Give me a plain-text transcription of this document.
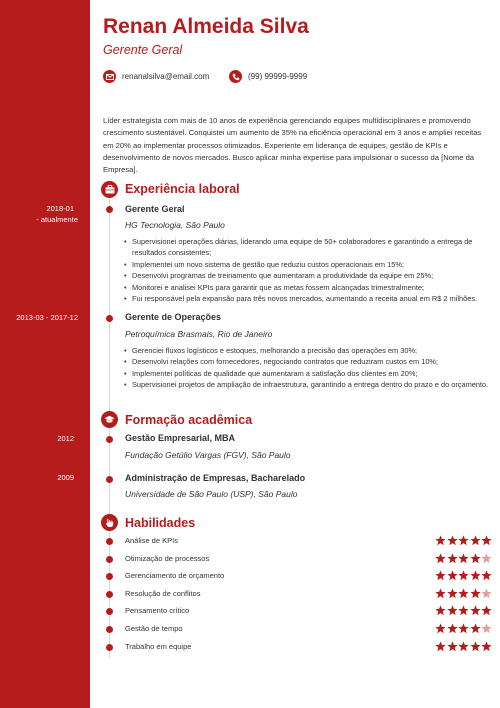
Renan Almeida Silva
Gerente Geral
renanalsilva@email.com	(99) 99999-9999

Líder estrategista com mais de 10 anos de experiência gerenciando equipes multidisciplinares e promovendo crescimento sustentável. Conquistei um aumento de 35% na eficiência operacional em 3 anos e ampliei receitas em 20% ao implementar processos otimizados. Experiente em liderança de equipes, gestão de KPIs e desenvolvimento de novos mercados. Busco aplicar minha expertise para impulsionar o sucesso da [Nome da Empresa].

Experiência laboral
2018-01
- atualmente
Gerente Geral
HG Tecnologia, São Paulo
• Supervisionei operações diárias, liderando uma equipe de 50+ colaboradores e garantindo a entrega de resultados consistentes;
• Implementei um novo sistema de gestão que reduziu custos operacionais em 15%;
• Desenvolvi programas de treinamento que aumentaram a produtividade da equipe em 25%;
• Monitorei e analisei KPIs para garantir que as metas fossem alcançadas trimestralmente;
• Fui responsável pela expansão para três novos mercados, aumentando a receita anual em R$ 2 milhões.
2013-03 - 2017-12	Gerente de Operações
Petroquímica Brasmais, Rio de Janeiro
• Gerenciei fluxos logísticos e estoques, melhorando a precisão das operações em 30%;
• Desenvolvi relações com fornecedores, negociando contratos que reduziram custos em 10%;
• Implementei políticas de qualidade que aumentaram a satisfação dos clientes em 20%;
• Supervisionei projetos de ampliação de infraestrutura, garantindo a entrega dentro do prazo e do orçamento.
Formação acadêmica
2012	Gestão Empresarial, MBA
Fundação Getúlio Vargas (FGV), São Paulo
2009	Administração de Empresas, Bacharelado
Universidade de São Paulo (USP), São Paulo
Habilidades
Análise de KPIs
Otimização de processos
Gerenciamento de orçamento
Resolução de conflitos
Pensamento crítico
Gestão de tempo
Trabalho em equipe
